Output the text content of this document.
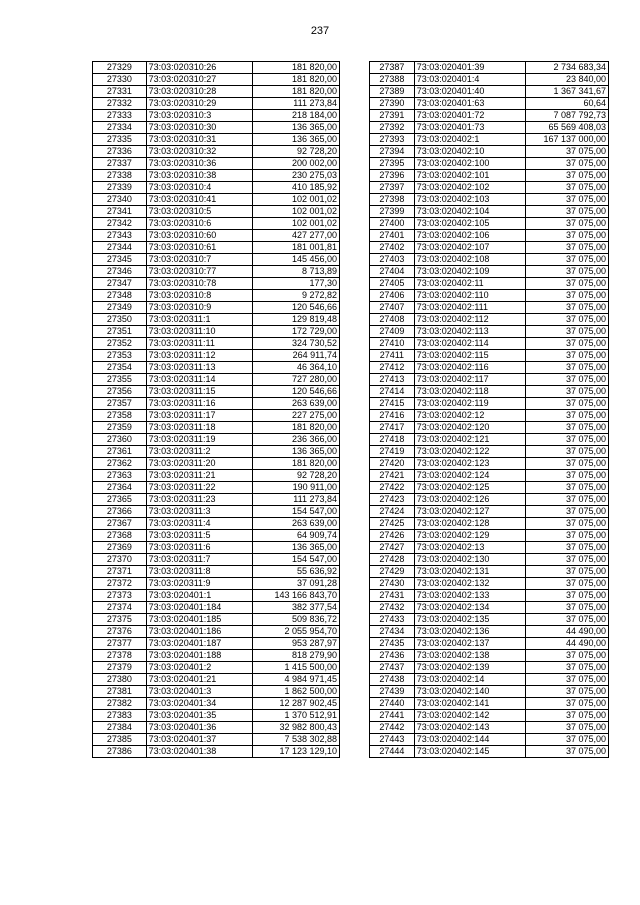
237
27329	73:03:020310:26	181 820,00
27330	73:03:020310:27	181 820,00
27331	73:03:020310:28	181 820,00
27332	73:03:020310:29	111 273,84
27333	73:03:020310:3	218 184,00
27334	73:03:020310:30	136 365,00
27335	73:03:020310:31	136 365,00
27336	73:03:020310:32	92 728,20
27337	73:03:020310:36	200 002,00
27338	73:03:020310:38	230 275,03
27339	73:03:020310:4	410 185,92
27340	73:03:020310:41	102 001,02
27341	73:03:020310:5	102 001,02
27342	73:03:020310:6	102 001,02
27343	73:03:020310:60	427 277,00
27344	73:03:020310:61	181 001,81
27345	73:03:020310:7	145 456,00
27346	73:03:020310:77	8 713,89
27347	73:03:020310:78	177,30
27348	73:03:020310:8	9 272,82
27349	73:03:020310:9	120 546,66
27350	73:03:020311:1	129 819,48
27351	73:03:020311:10	172 729,00
27352	73:03:020311:11	324 730,52
27353	73:03:020311:12	264 911,74
27354	73:03:020311:13	46 364,10
27355	73:03:020311:14	727 280,00
27356	73:03:020311:15	120 546,66
27357	73:03:020311:16	263 639,00
27358	73:03:020311:17	227 275,00
27359	73:03:020311:18	181 820,00
27360	73:03:020311:19	236 366,00
27361	73:03:020311:2	136 365,00
27362	73:03:020311:20	181 820,00
27363	73:03:020311:21	92 728,20
27364	73:03:020311:22	190 911,00
27365	73:03:020311:23	111 273,84
27366	73:03:020311:3	154 547,00
27367	73:03:020311:4	263 639,00
27368	73:03:020311:5	64 909,74
27369	73:03:020311:6	136 365,00
27370	73:03:020311:7	154 547,00
27371	73:03:020311:8	55 636,92
27372	73:03:020311:9	37 091,28
27373	73:03:020401:1	143 166 843,70
27374	73:03:020401:184	382 377,54
27375	73:03:020401:185	509 836,72
27376	73:03:020401:186	2 055 954,70
27377	73:03:020401:187	953 287,97
27378	73:03:020401:188	818 279,90
27379	73:03:020401:2	1 415 500,00
27380	73:03:020401:21	4 984 971,45
27381	73:03:020401:3	1 862 500,00
27382	73:03:020401:34	12 287 902,45
27383	73:03:020401:35	1 370 512,91
27384	73:03:020401:36	32 982 800,43
27385	73:03:020401:37	7 538 302,88
27386	73:03:020401:38	17 123 129,10
27387	73:03:020401:39	2 734 683,34
27388	73:03:020401:4	23 840,00
27389	73:03:020401:40	1 367 341,67
27390	73:03:020401:63	60,64
27391	73:03:020401:72	7 087 792,73
27392	73:03:020401:73	65 569 408,03
27393	73:03:020402:1	167 137 000,00
27394	73:03:020402:10	37 075,00
27395	73:03:020402:100	37 075,00
27396	73:03:020402:101	37 075,00
27397	73:03:020402:102	37 075,00
27398	73:03:020402:103	37 075,00
27399	73:03:020402:104	37 075,00
27400	73:03:020402:105	37 075,00
27401	73:03:020402:106	37 075,00
27402	73:03:020402:107	37 075,00
27403	73:03:020402:108	37 075,00
27404	73:03:020402:109	37 075,00
27405	73:03:020402:11	37 075,00
27406	73:03:020402:110	37 075,00
27407	73:03:020402:111	37 075,00
27408	73:03:020402:112	37 075,00
27409	73:03:020402:113	37 075,00
27410	73:03:020402:114	37 075,00
27411	73:03:020402:115	37 075,00
27412	73:03:020402:116	37 075,00
27413	73:03:020402:117	37 075,00
27414	73:03:020402:118	37 075,00
27415	73:03:020402:119	37 075,00
27416	73:03:020402:12	37 075,00
27417	73:03:020402:120	37 075,00
27418	73:03:020402:121	37 075,00
27419	73:03:020402:122	37 075,00
27420	73:03:020402:123	37 075,00
27421	73:03:020402:124	37 075,00
27422	73:03:020402:125	37 075,00
27423	73:03:020402:126	37 075,00
27424	73:03:020402:127	37 075,00
27425	73:03:020402:128	37 075,00
27426	73:03:020402:129	37 075,00
27427	73:03:020402:13	37 075,00
27428	73:03:020402:130	37 075,00
27429	73:03:020402:131	37 075,00
27430	73:03:020402:132	37 075,00
27431	73:03:020402:133	37 075,00
27432	73:03:020402:134	37 075,00
27433	73:03:020402:135	37 075,00
27434	73:03:020402:136	44 490,00
27435	73:03:020402:137	44 490,00
27436	73:03:020402:138	37 075,00
27437	73:03:020402:139	37 075,00
27438	73:03:020402:14	37 075,00
27439	73:03:020402:140	37 075,00
27440	73:03:020402:141	37 075,00
27441	73:03:020402:142	37 075,00
27442	73:03:020402:143	37 075,00
27443	73:03:020402:144	37 075,00
27444	73:03:020402:145	37 075,00
